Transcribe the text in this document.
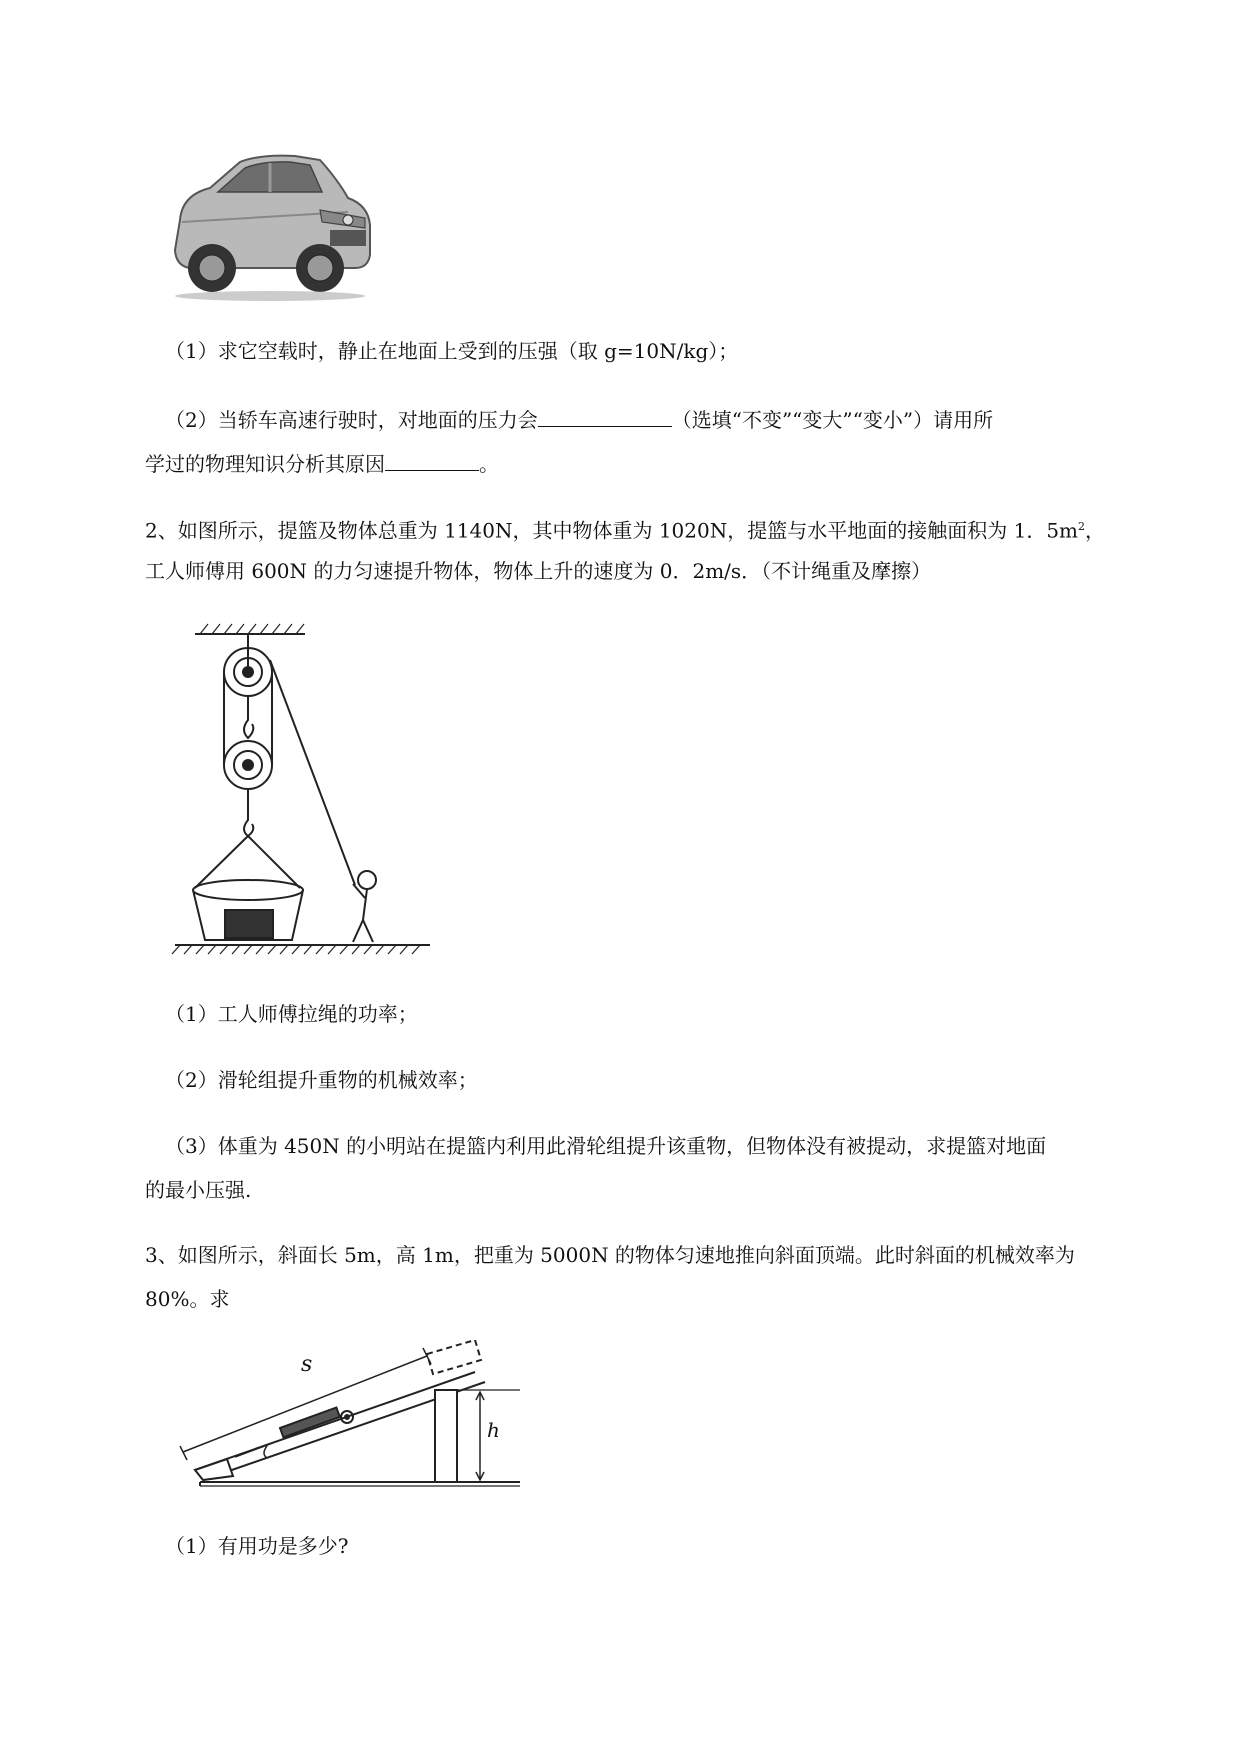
（1）求它空载时，静止在地面上受到的压强（取 g=10N/kg）；
（2）当轿车高速行驶时，对地面的压力会	（选填“不变”“变大”“变小”）请用所
学过的物理知识分析其原因	。
2、如图所示，提篮及物体总重为 1140N，其中物体重为 1020N，提篮与水平地面的接触面积为 1．$5m^2$，
工人师傅用 600N 的力匀速提升物体，物体上升的速度为 0．2m/s．（不计绳重及摩擦）
（1）工人师傅拉绳的功率；
（2）滑轮组提升重物的机械效率；
（3）体重为 450N 的小明站在提篮内利用此滑轮组提升该重物，但物体没有被提动，求提篮对地面
的最小压强.
3、如图所示，斜面长 5m，高 1m，把重为 5000N 的物体匀速地推向斜面顶端。此时斜面的机械效率为
80%。求
s
h
（1）有用功是多少?
